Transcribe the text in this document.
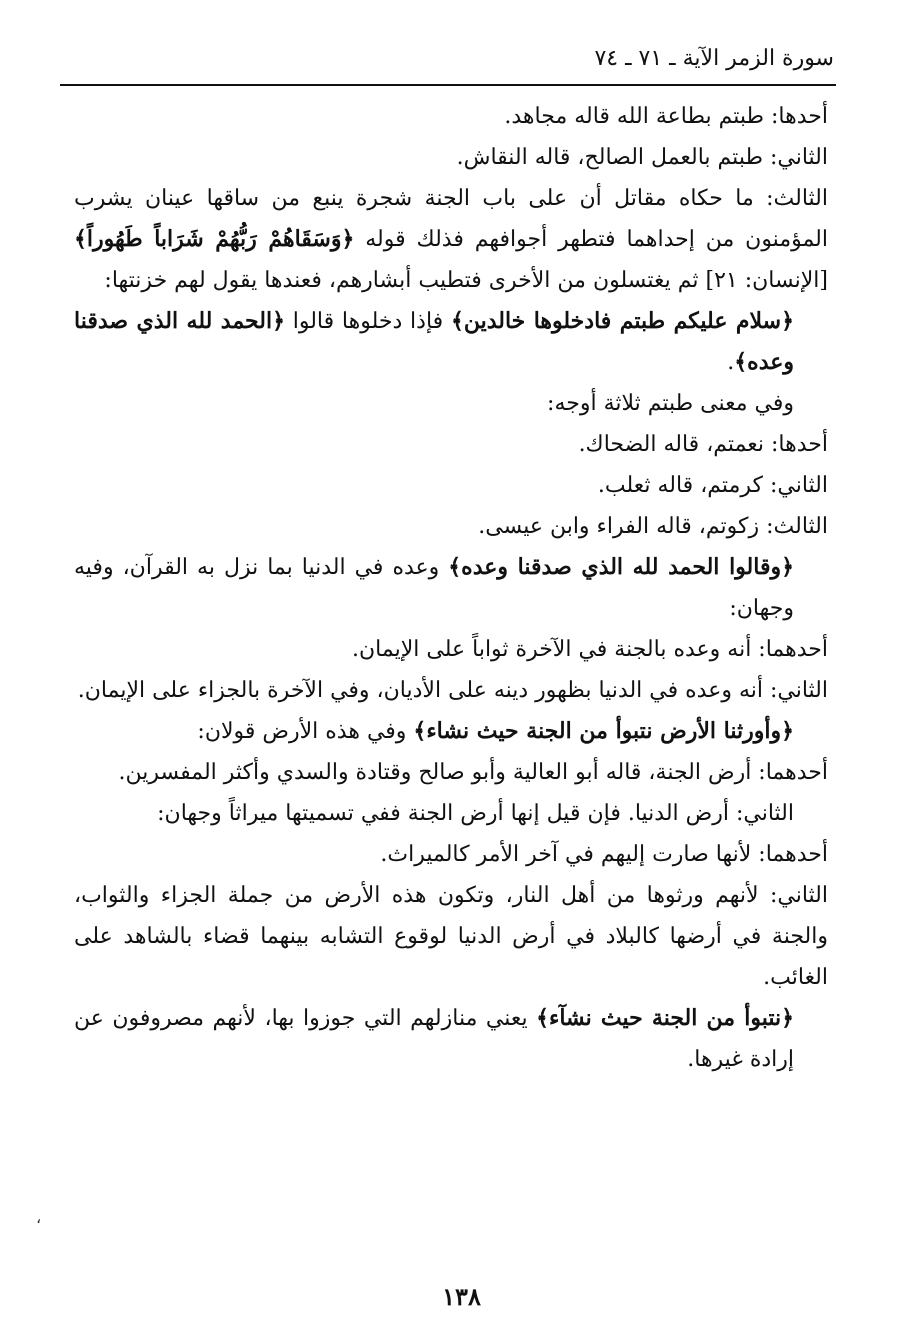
سورة الزمر الآية ـ ٧١ ـ ٧٤

أحدها: طبتم بطاعة الله قاله مجاهد.

الثاني: طبتم بالعمل الصالح، قاله النقاش.

الثالث: ما حكاه مقاتل أن على باب الجنة شجرة ينبع من ساقها عينان يشرب المؤمنون من إحداهما فتطهر أجوافهم فذلك قوله ﴿وَسَقَاهُمْ رَبُّهُمْ شَرَاباً طَهُوراً﴾ [الإنسان: ٢١] ثم يغتسلون من الأخرى فتطيب أبشارهم، فعندها يقول لهم خزنتها:

﴿سلام عليكم طبتم فادخلوها خالدين﴾ فإذا دخلوها قالوا ﴿الحمد لله الذي صدقنا وعده﴾.

وفي معنى طبتم ثلاثة أوجه:

أحدها: نعمتم، قاله الضحاك.

الثاني: كرمتم، قاله ثعلب.

الثالث: زكوتم، قاله الفراء وابن عيسى.

﴿وقالوا الحمد لله الذي صدقنا وعده﴾ وعده في الدنيا بما نزل به القرآن، وفيه وجهان:

أحدهما: أنه وعده بالجنة في الآخرة ثواباً على الإيمان.

الثاني: أنه وعده في الدنيا بظهور دينه على الأديان، وفي الآخرة بالجزاء على الإيمان.

﴿وأورثنا الأرض نتبوأ من الجنة حيث نشاء﴾ وفي هذه الأرض قولان:

أحدهما: أرض الجنة، قاله أبو العالية وأبو صالح وقتادة والسدي وأكثر المفسرين.

الثاني: أرض الدنيا. فإن قيل إنها أرض الجنة ففي تسميتها ميراثاً وجهان:

أحدهما: لأنها صارت إليهم في آخر الأمر كالميراث.

الثاني: لأنهم ورثوها من أهل النار، وتكون هذه الأرض من جملة الجزاء والثواب، والجنة في أرضها كالبلاد في أرض الدنيا لوقوع التشابه بينهما قضاء بالشاهد على الغائب.

﴿نتبوأ من الجنة حيث نشآء﴾ يعني منازلهم التي جوزوا بها، لأنهم مصروفون عن إرادة غيرها.

،
١٣٨
